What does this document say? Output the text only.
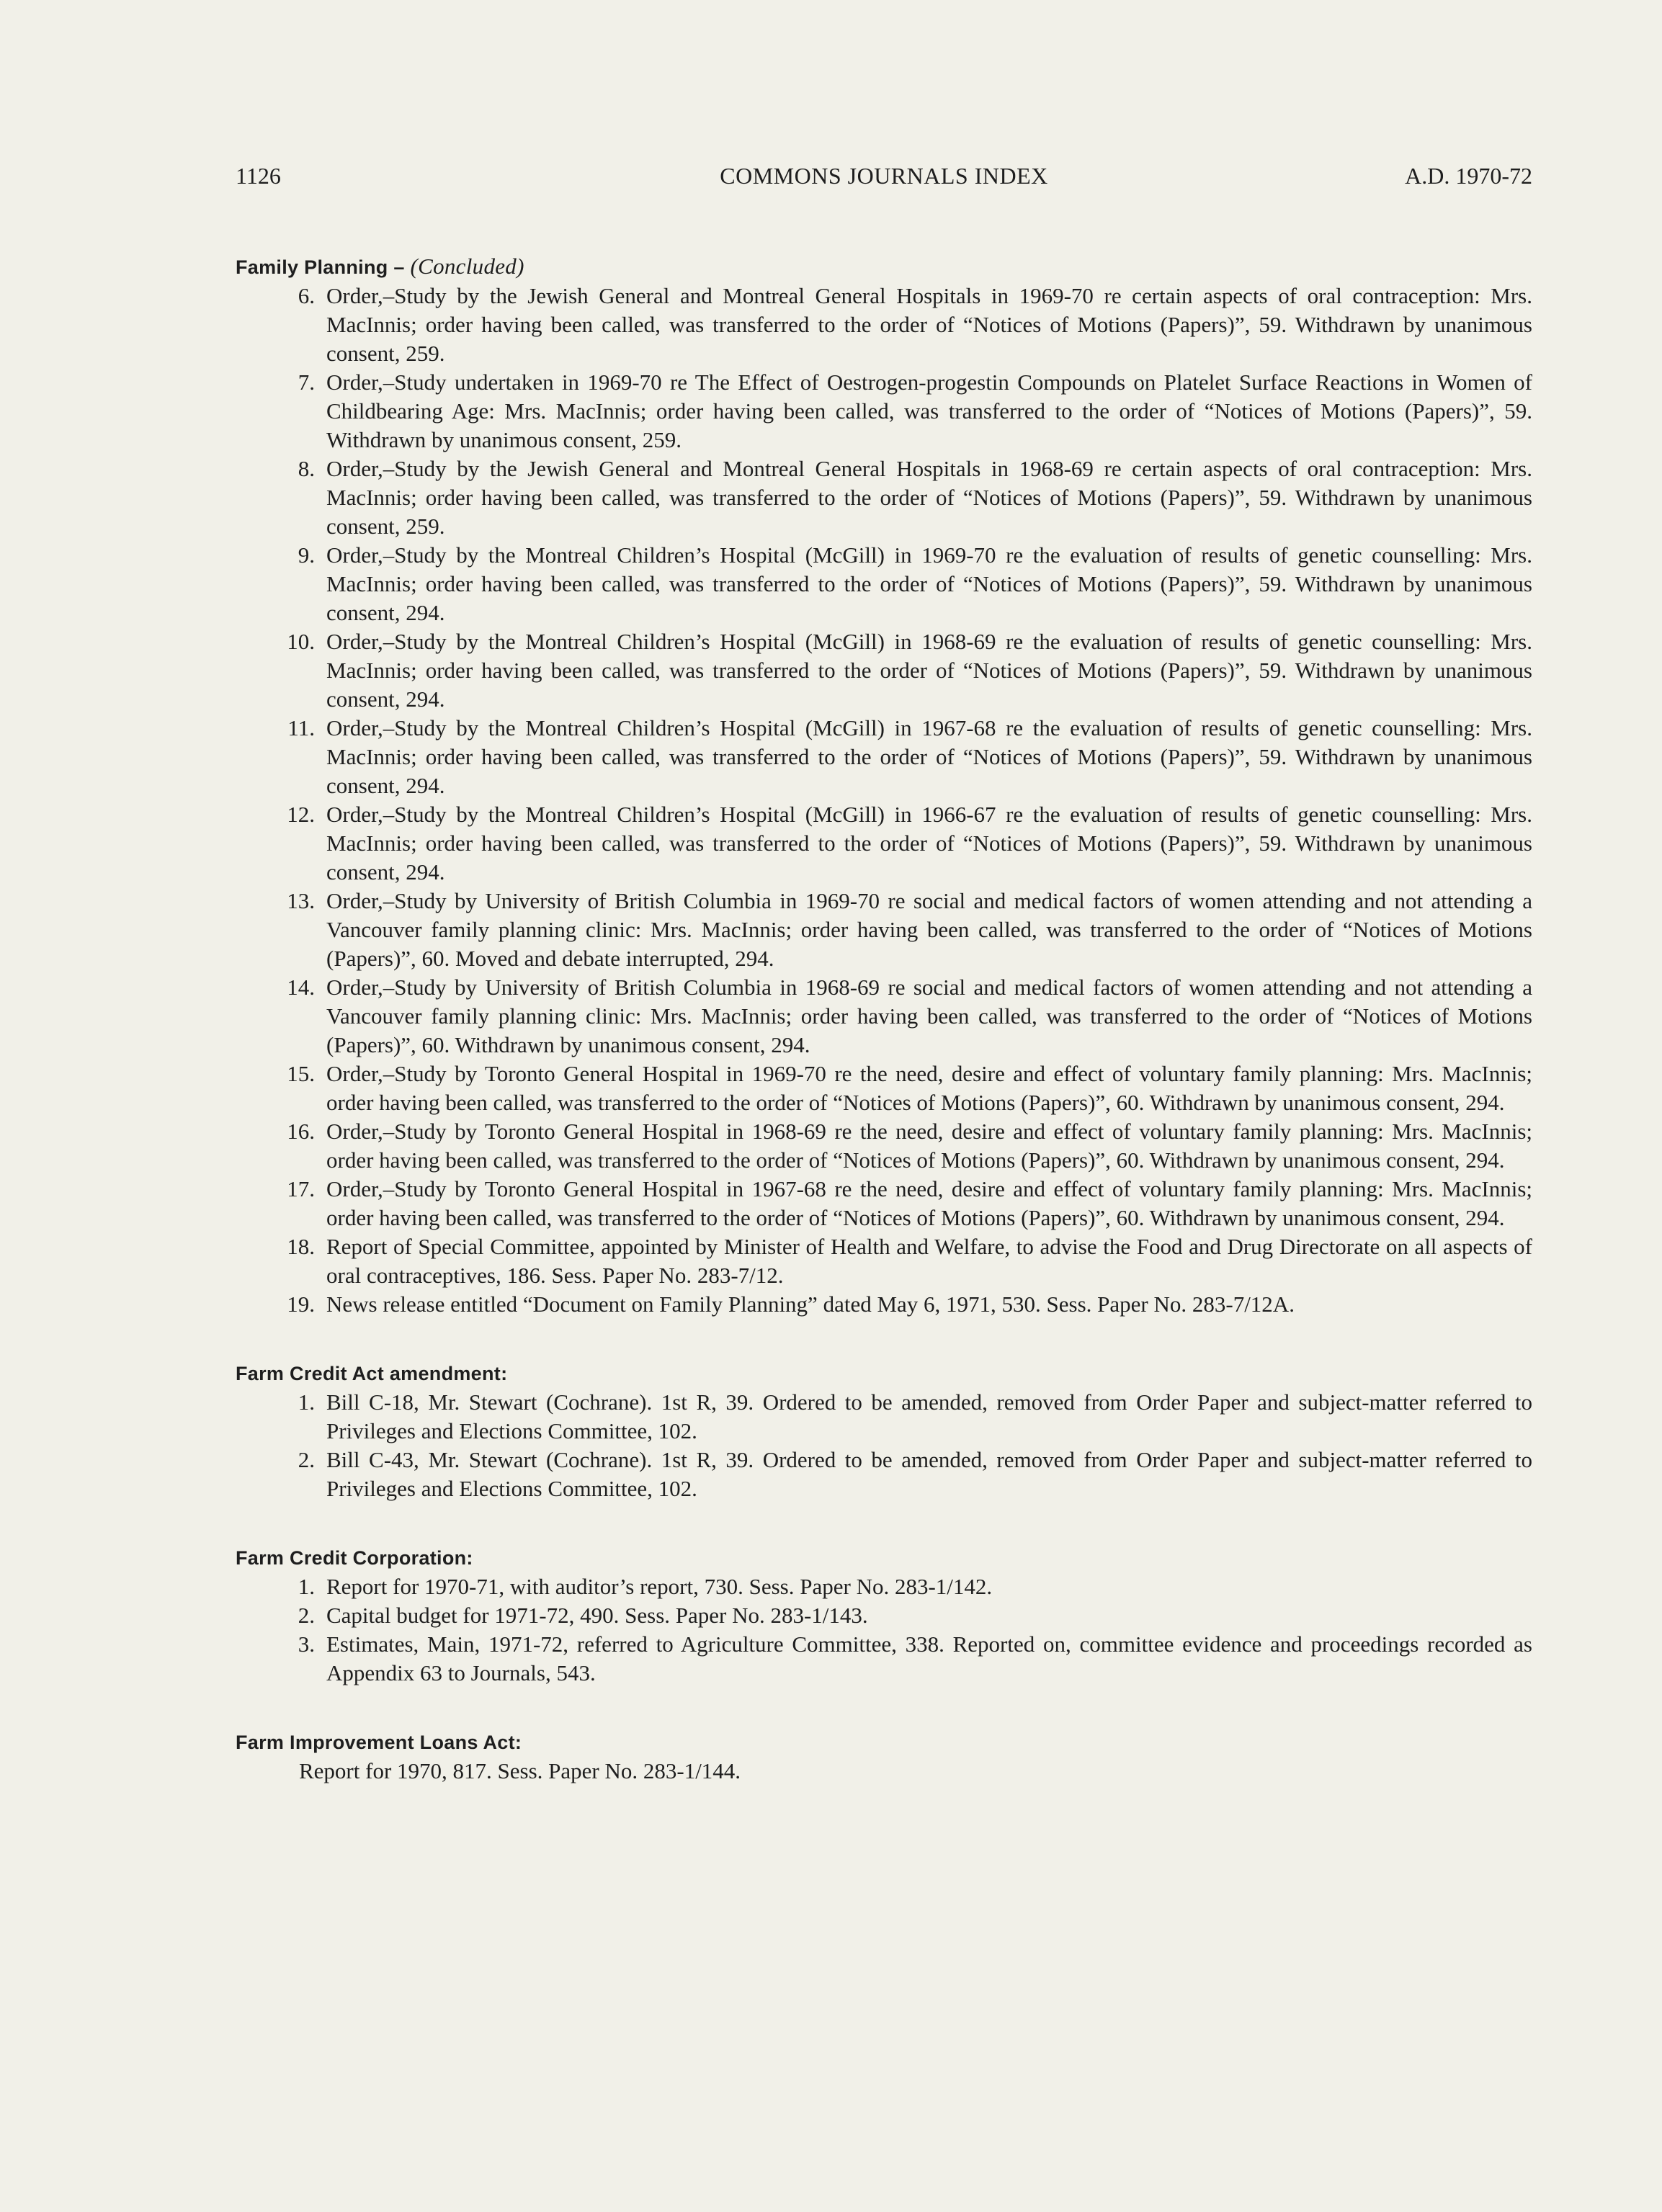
1126	COMMONS JOURNALS INDEX	A.D. 1970-72
Family Planning – (Concluded)
6. Order,–Study by the Jewish General and Montreal General Hospitals in 1969-70 re certain aspects of oral contraception: Mrs. MacInnis; order having been called, was transferred to the order of “Notices of Motions (Papers)”, 59. Withdrawn by unanimous consent, 259.
7. Order,–Study undertaken in 1969-70 re The Effect of Oestrogen-progestin Compounds on Platelet Surface Reactions in Women of Childbearing Age: Mrs. MacInnis; order having been called, was transferred to the order of “Notices of Motions (Papers)”, 59. Withdrawn by unanimous consent, 259.
8. Order,–Study by the Jewish General and Montreal General Hospitals in 1968-69 re certain aspects of oral contraception: Mrs. MacInnis; order having been called, was transferred to the order of “Notices of Motions (Papers)”, 59. Withdrawn by unanimous consent, 259.
9. Order,–Study by the Montreal Children’s Hospital (McGill) in 1969-70 re the evaluation of results of genetic counselling: Mrs. MacInnis; order having been called, was transferred to the order of “Notices of Motions (Papers)”, 59. Withdrawn by unanimous consent, 294.
10. Order,–Study by the Montreal Children’s Hospital (McGill) in 1968-69 re the evaluation of results of genetic counselling: Mrs. MacInnis; order having been called, was transferred to the order of “Notices of Motions (Papers)”, 59. Withdrawn by unanimous consent, 294.
11. Order,–Study by the Montreal Children’s Hospital (McGill) in 1967-68 re the evaluation of results of genetic counselling: Mrs. MacInnis; order having been called, was transferred to the order of “Notices of Motions (Papers)”, 59. Withdrawn by unanimous consent, 294.
12. Order,–Study by the Montreal Children’s Hospital (McGill) in 1966-67 re the evaluation of results of genetic counselling: Mrs. MacInnis; order having been called, was transferred to the order of “Notices of Motions (Papers)”, 59. Withdrawn by unanimous consent, 294.
13. Order,–Study by University of British Columbia in 1969-70 re social and medical factors of women attending and not attending a Vancouver family planning clinic: Mrs. MacInnis; order having been called, was transferred to the order of “Notices of Motions (Papers)”, 60. Moved and debate interrupted, 294.
14. Order,–Study by University of British Columbia in 1968-69 re social and medical factors of women attending and not attending a Vancouver family planning clinic: Mrs. MacInnis; order having been called, was transferred to the order of “Notices of Motions (Papers)”, 60. Withdrawn by unanimous consent, 294.
15. Order,–Study by Toronto General Hospital in 1969-70 re the need, desire and effect of voluntary family planning: Mrs. MacInnis; order having been called, was transferred to the order of “Notices of Motions (Papers)”, 60. Withdrawn by unanimous consent, 294.
16. Order,–Study by Toronto General Hospital in 1968-69 re the need, desire and effect of voluntary family planning: Mrs. MacInnis; order having been called, was transferred to the order of “Notices of Motions (Papers)”, 60. Withdrawn by unanimous consent, 294.
17. Order,–Study by Toronto General Hospital in 1967-68 re the need, desire and effect of voluntary family planning: Mrs. MacInnis; order having been called, was transferred to the order of “Notices of Motions (Papers)”, 60. Withdrawn by unanimous consent, 294.
18. Report of Special Committee, appointed by Minister of Health and Welfare, to advise the Food and Drug Directorate on all aspects of oral contraceptives, 186. Sess. Paper No. 283-7/12.
19. News release entitled “Document on Family Planning” dated May 6, 1971, 530. Sess. Paper No. 283-7/12A.
Farm Credit Act amendment:
1. Bill C-18, Mr. Stewart (Cochrane). 1st R, 39. Ordered to be amended, removed from Order Paper and subject-matter referred to Privileges and Elections Committee, 102.
2. Bill C-43, Mr. Stewart (Cochrane). 1st R, 39. Ordered to be amended, removed from Order Paper and subject-matter referred to Privileges and Elections Committee, 102.
Farm Credit Corporation:
1. Report for 1970-71, with auditor’s report, 730. Sess. Paper No. 283-1/142.
2. Capital budget for 1971-72, 490. Sess. Paper No. 283-1/143.
3. Estimates, Main, 1971-72, referred to Agriculture Committee, 338. Reported on, committee evidence and proceedings recorded as Appendix 63 to Journals, 543.
Farm Improvement Loans Act:
Report for 1970, 817. Sess. Paper No. 283-1/144.
